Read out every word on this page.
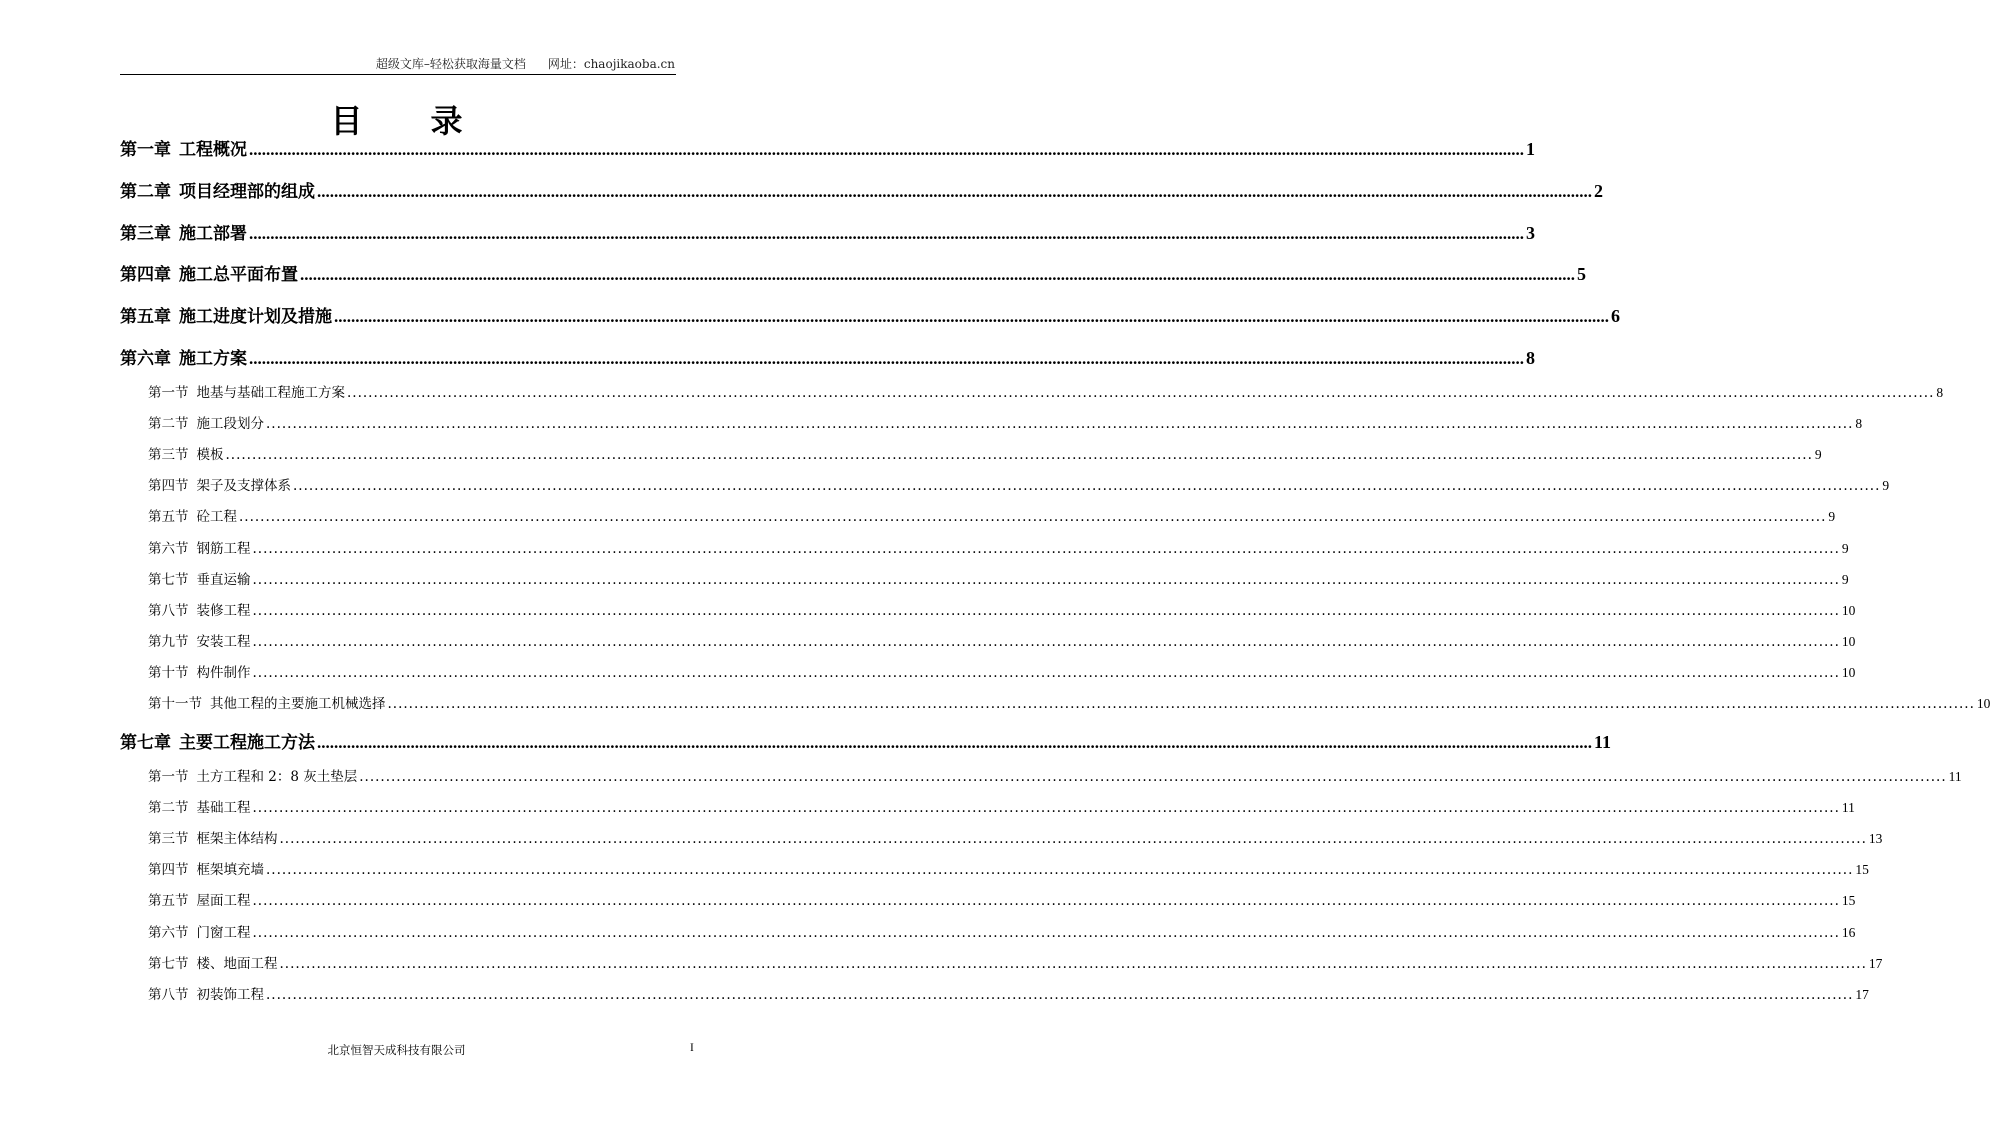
超级文库–轻松获取海量文档 网址：chaojikaoba.cn
目 录
第一章 工程概况 ............................................................................................................................................................................................................................................................................................................ 1
第二章 项目经理部的组成 ............................................................................................................................................................................................................................................................................................................ 2
第三章 施工部署 ............................................................................................................................................................................................................................................................................................................ 3
第四章 施工总平面布置 ............................................................................................................................................................................................................................................................................................................ 5
第五章 施工进度计划及措施 ............................................................................................................................................................................................................................................................................................................ 6
第六章 施工方案 ............................................................................................................................................................................................................................................................................................................ 8
第一节 地基与基础工程施工方案 ............................................................................................................................................................................................................................................................................................................ 8
第二节 施工段划分 ............................................................................................................................................................................................................................................................................................................ 8
第三节 模板 ............................................................................................................................................................................................................................................................................................................ 9
第四节 架子及支撑体系 ............................................................................................................................................................................................................................................................................................................ 9
第五节 砼工程 ............................................................................................................................................................................................................................................................................................................ 9
第六节 钢筋工程 ............................................................................................................................................................................................................................................................................................................ 9
第七节 垂直运输 ............................................................................................................................................................................................................................................................................................................ 9
第八节 装修工程 ............................................................................................................................................................................................................................................................................................................ 10
第九节 安装工程 ............................................................................................................................................................................................................................................................................................................ 10
第十节 构件制作 ............................................................................................................................................................................................................................................................................................................ 10
第十一节 其他工程的主要施工机械选择 ............................................................................................................................................................................................................................................................................................................ 10
第七章 主要工程施工方法 ............................................................................................................................................................................................................................................................................................................ 11
第一节 土方工程和 2：8 灰土垫层 ............................................................................................................................................................................................................................................................................................................ 11
第二节 基础工程 ............................................................................................................................................................................................................................................................................................................ 11
第三节 框架主体结构 ............................................................................................................................................................................................................................................................................................................ 13
第四节 框架填充墙 ............................................................................................................................................................................................................................................................................................................ 15
第五节 屋面工程 ............................................................................................................................................................................................................................................................................................................ 15
第六节 门窗工程 ............................................................................................................................................................................................................................................................................................................ 16
第七节 楼、地面工程 ............................................................................................................................................................................................................................................................................................................ 17
第八节 初装饰工程 ............................................................................................................................................................................................................................................................................................................ 17
北京恒智天成科技有限公司	I
